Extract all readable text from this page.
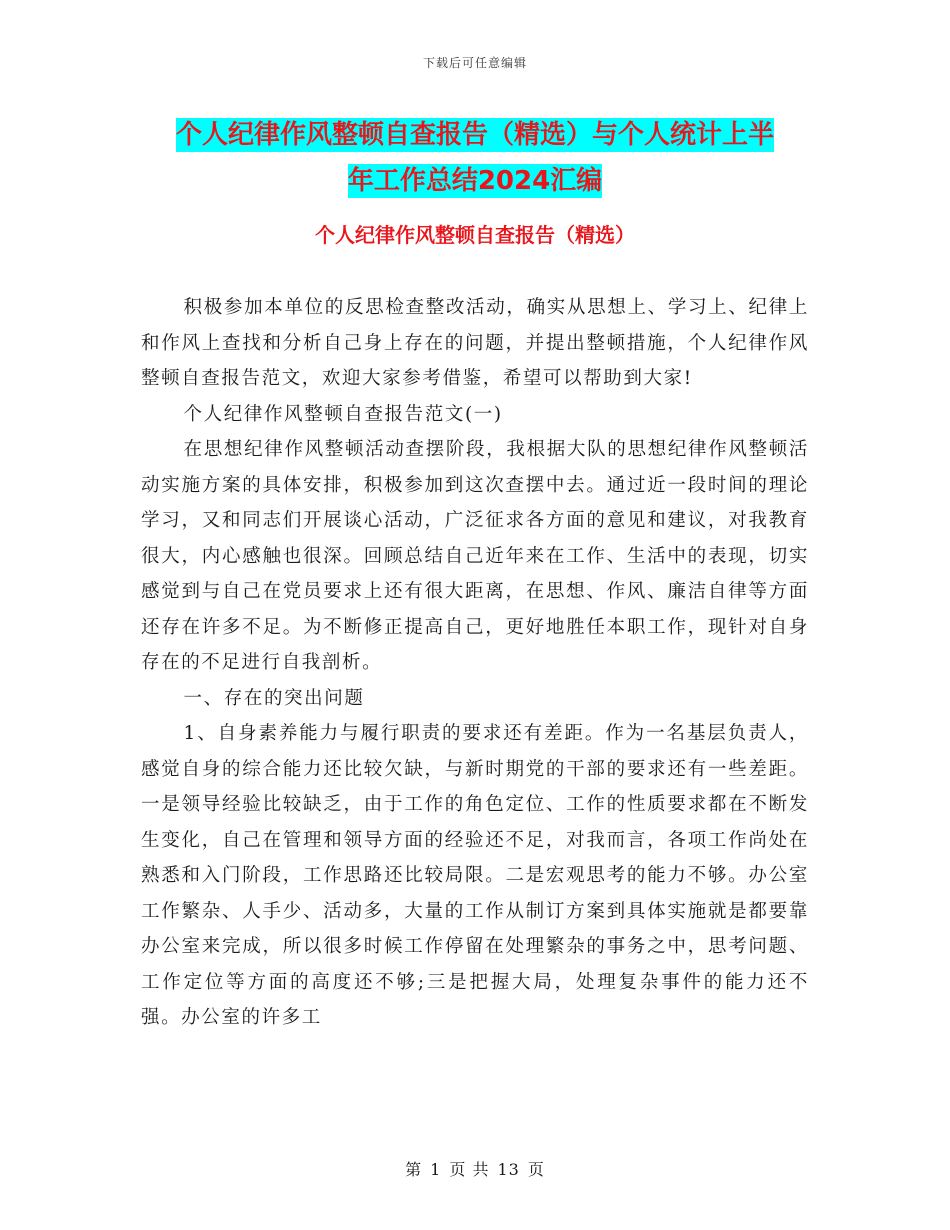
下载后可任意编辑
个人纪律作风整顿自查报告（精选）与个人统计上半
年工作总结2024汇编
个人纪律作风整顿自查报告（精选）

积极参加本单位的反思检查整改活动，确实从思想上、学习上、纪律上和作风上查找和分析自己身上存在的问题，并提出整顿措施，个人纪律作风整顿自查报告范文，欢迎大家参考借鉴，希望可以帮助到大家!

个人纪律作风整顿自查报告范文(一)

在思想纪律作风整顿活动查摆阶段，我根据大队的思想纪律作风整顿活动实施方案的具体安排，积极参加到这次查摆中去。通过近一段时间的理论学习，又和同志们开展谈心活动，广泛征求各方面的意见和建议，对我教育很大，内心感触也很深。回顾总结自己近年来在工作、生活中的表现，切实感觉到与自己在党员要求上还有很大距离，在思想、作风、廉洁自律等方面还存在许多不足。为不断修正提高自己，更好地胜任本职工作，现针对自身存在的不足进行自我剖析。

一、存在的突出问题

1、自身素养能力与履行职责的要求还有差距。作为一名基层负责人，感觉自身的综合能力还比较欠缺，与新时期党的干部的要求还有一些差距。一是领导经验比较缺乏，由于工作的角色定位、工作的性质要求都在不断发生变化，自己在管理和领导方面的经验还不足，对我而言，各项工作尚处在熟悉和入门阶段，工作思路还比较局限。二是宏观思考的能力不够。办公室工作繁杂、人手少、活动多，大量的工作从制订方案到具体实施就是都要靠办公室来完成，所以很多时候工作停留在处理繁杂的事务之中，思考问题、工作定位等方面的高度还不够;三是把握大局，处理复杂事件的能力还不强。办公室的许多工

第 1 页 共 13 页
